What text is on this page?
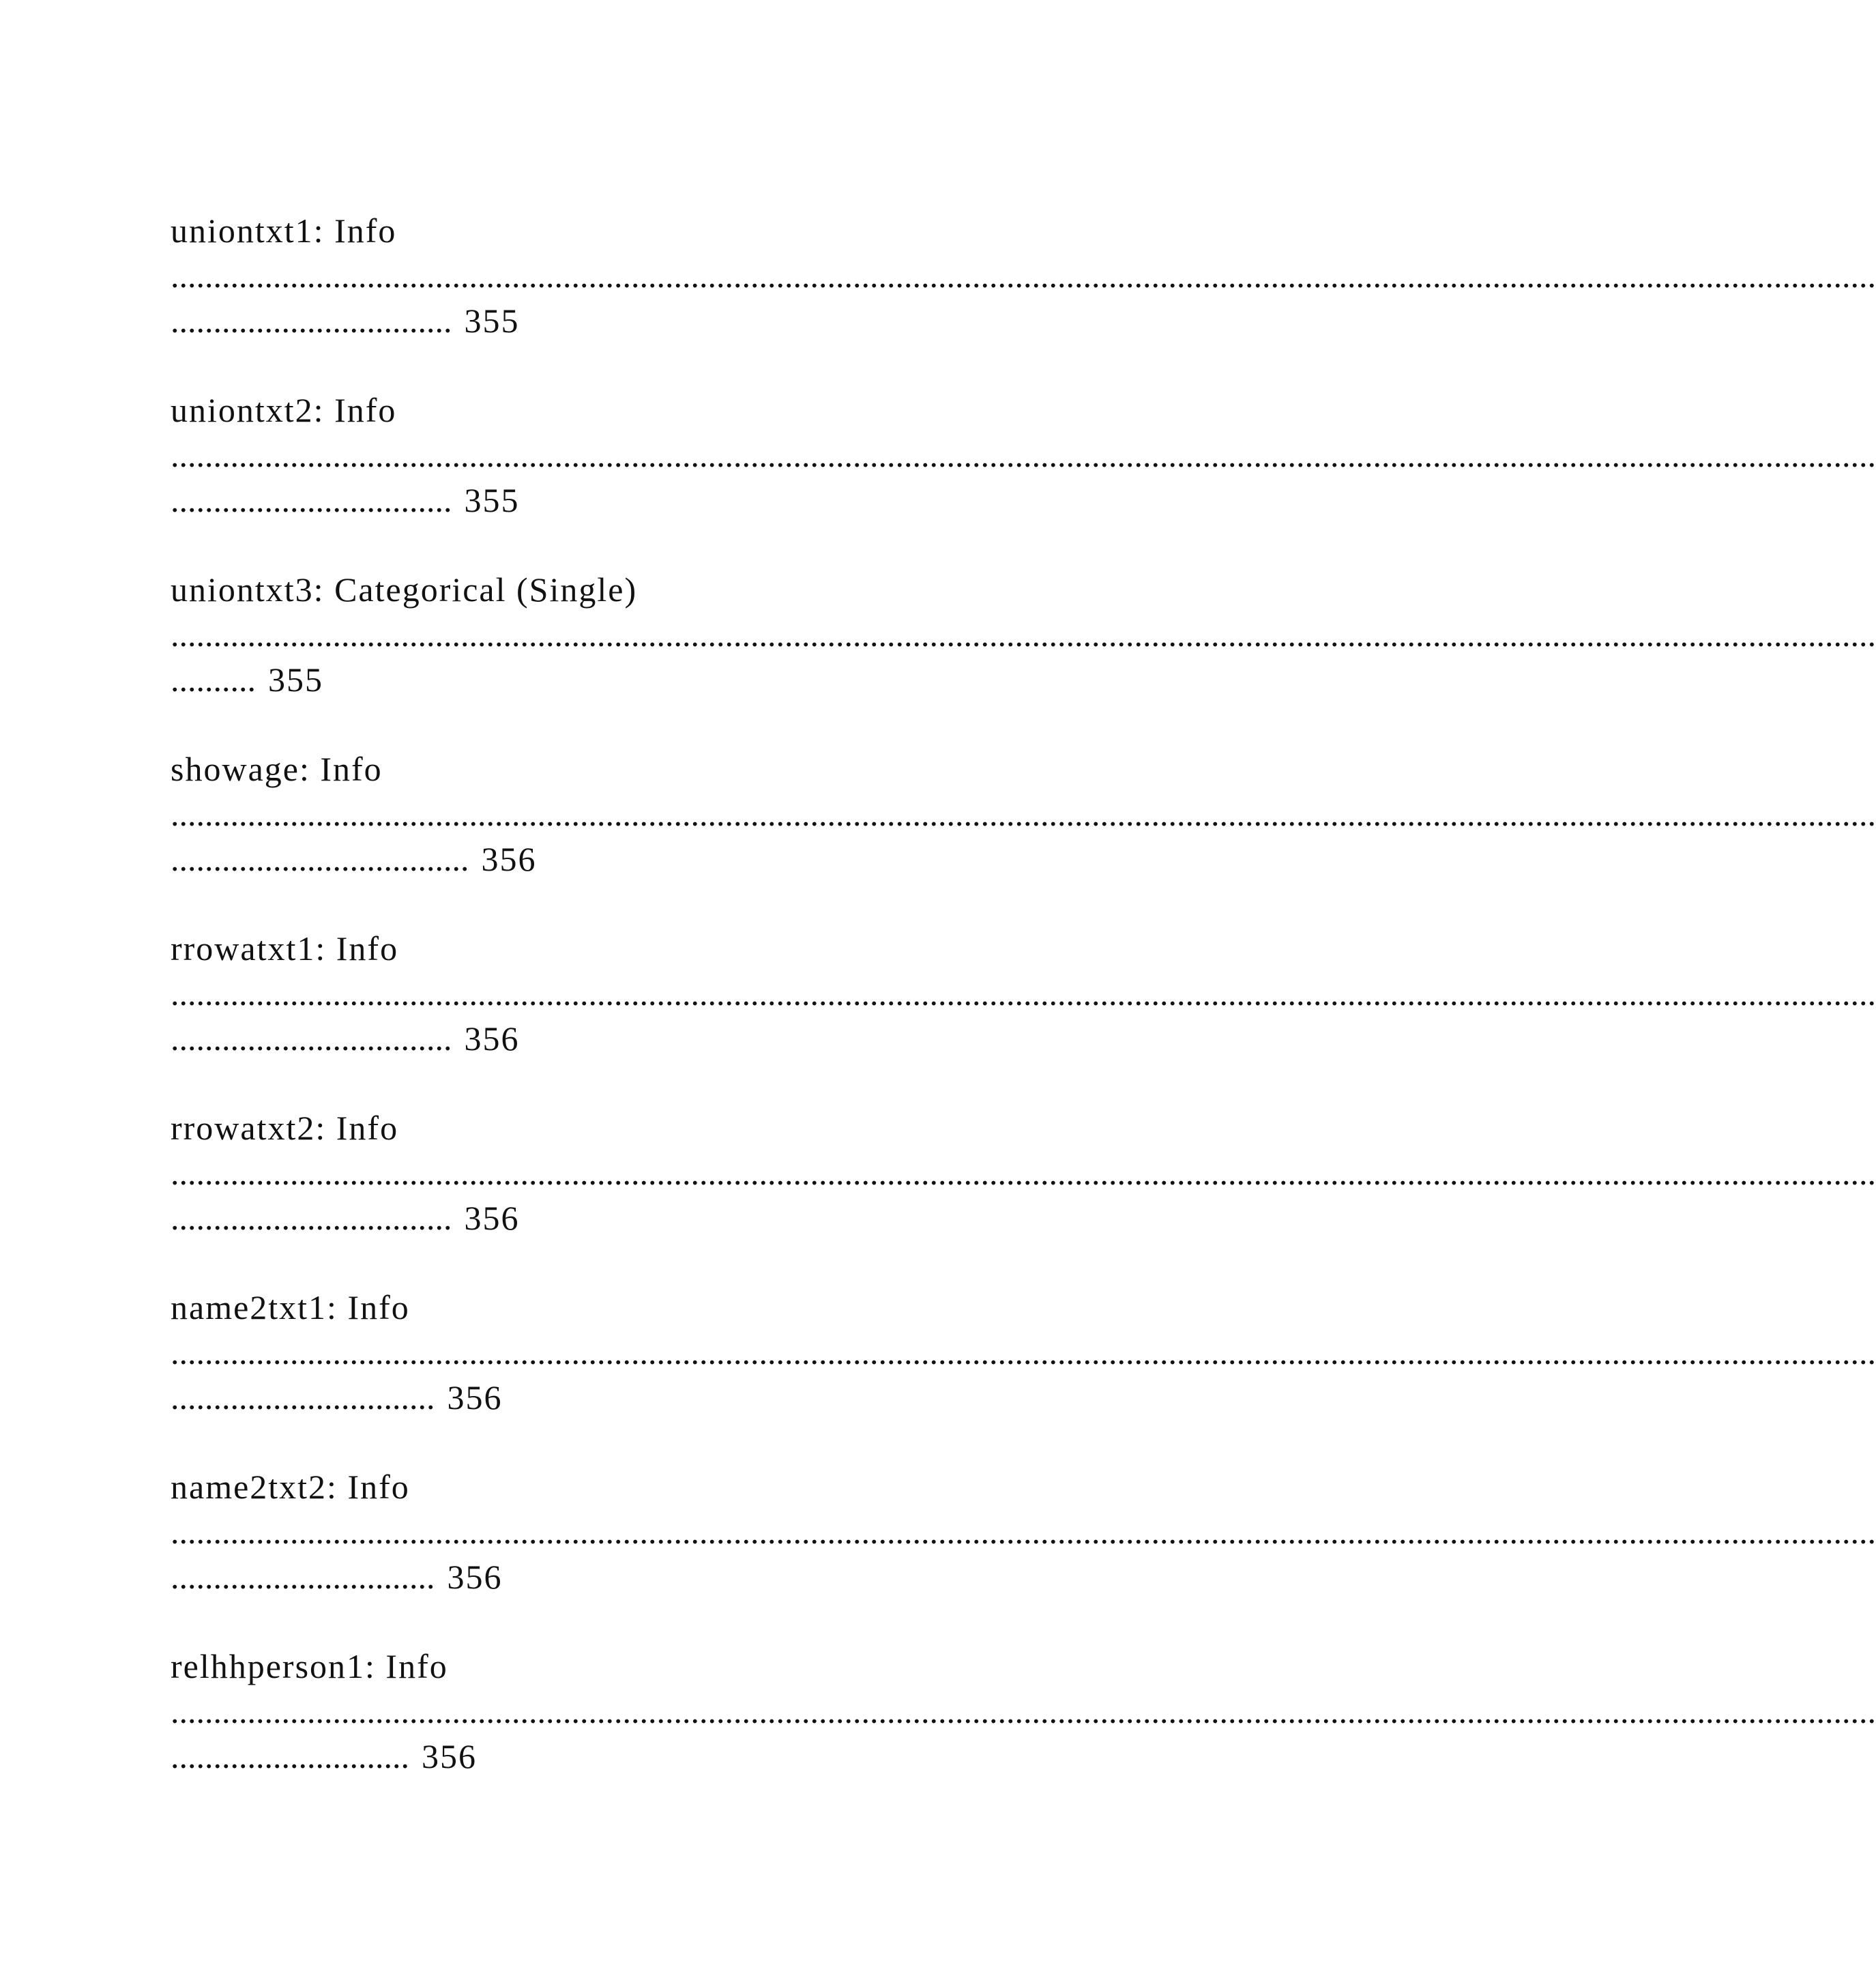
uniontxt1: Info
........................................................................................................................................................................................................
................................. 355
uniontxt2: Info
........................................................................................................................................................................................................
................................. 355
uniontxt3: Categorical (Single)
........................................................................................................................................................................................................
.......... 355
showage: Info
........................................................................................................................................................................................................
................................... 356
rrowatxt1: Info
........................................................................................................................................................................................................
................................. 356
rrowatxt2: Info
........................................................................................................................................................................................................
................................. 356
name2txt1: Info
........................................................................................................................................................................................................
............................... 356
name2txt2: Info
........................................................................................................................................................................................................
............................... 356
relhhperson1: Info
........................................................................................................................................................................................................
............................ 356
